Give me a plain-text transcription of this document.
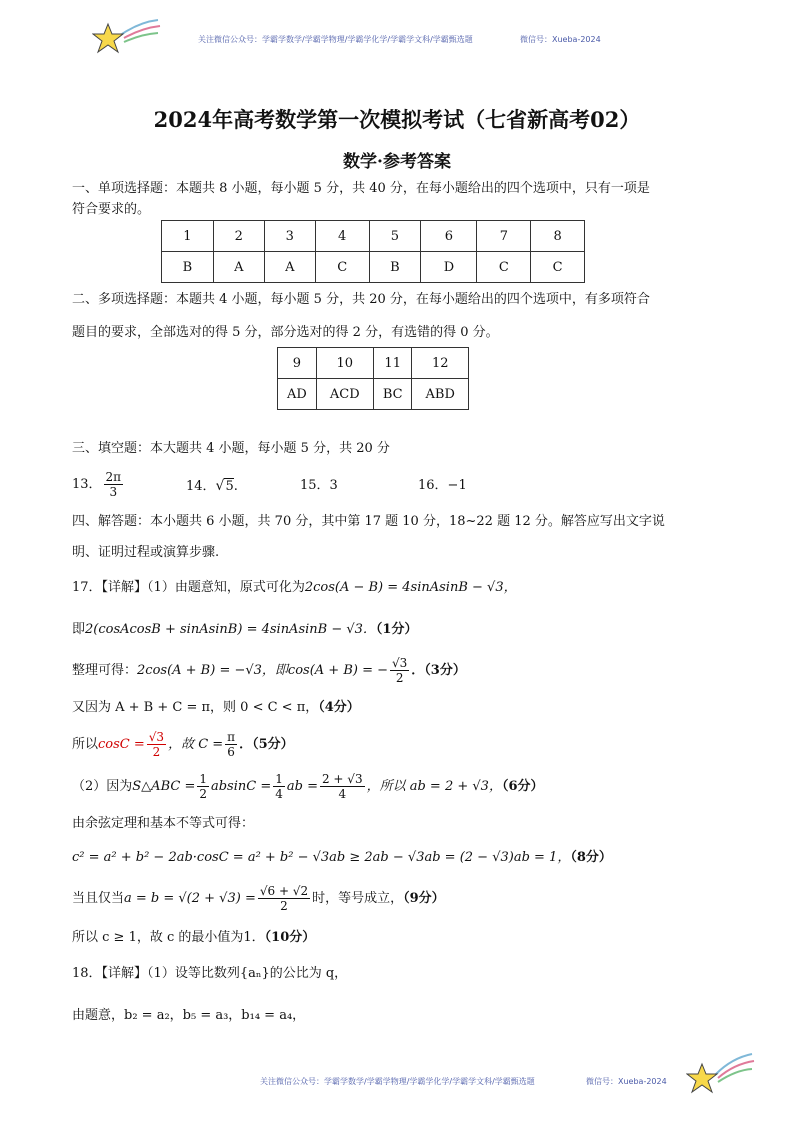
关注微信公众号：学霸学数学/学霸学物理/学霸学化学/学霸学文科/学霸甄选题	微信号：Xueba-2024
2024年高考数学第一次模拟考试（七省新高考02）
数学·参考答案
一、单项选择题：本题共 8 小题，每小题 5 分，共 40 分，在每小题给出的四个选项中，只有一项是
符合要求的。
1	2	3	4	5	6	7	8
B	A	A	C	B	D	C	C
二、多项选择题：本题共 4 小题，每小题 5 分，共 20 分，在每小题给出的四个选项中，有多项符合
题目的要求，全部选对的得 5 分，部分选对的得 2 分，有选错的得 0 分。
9	10	11	12
AD	ACD	BC	ABD
三、填空题：本大题共 4 小题，每小题 5 分，共 20 分
13． $\frac{2\pi}{3}$	14．√5.	15．3	16．−1
四、解答题：本小题共 6 小题，共 70 分，其中第 17 题 10 分，18~22 题 12 分。解答应写出文字说
明、证明过程或演算步骤.
17．【详解】（1）由题意知，原式可化为2cos(A − B) = 4sinAsinB − √3，
即2(cosAcosB + sinAsinB) = 4sinAsinB − √3．（1分）
整理可得：2cos(A + B) = −√3，即cos(A + B) = − $\frac{√3}{2}$ ．（3分）
又因为 A + B + C = π，则 0 < C < π，（4分）
所以$\cos C = \frac{√3}{2}$ ，故 $C = \frac{\pi}{6}$ ．（5分）
（2）因为S△ABC = $\frac{1}{2}$ $absinC = \frac{1}{4}$ ab = $\frac{2 + √3}{4}$ ，所以 ab = 2 + √3，（6分）
由余弦定理和基本不等式可得：
c² = a² + b² − 2ab·cosC = a² + b² − √3ab ≥ 2ab − √3ab = (2 − √3)ab = 1，（8分）
当且仅当$a = b = √(2 + √3) = \frac{√6 + √2}{2}$ 时，等号成立，（9分）
所以 c ≥ 1，故 c 的最小值为1．（10分）
18．【详解】（1）设等比数列{aₙ}的公比为 q，
由题意，b₂ = a₂，b₅ = a₃，b₁₄ = a₄，
关注微信公众号：学霸学数学/学霸学物理/学霸学化学/学霸学文科/学霸甄选题	微信号：Xueba-2024
